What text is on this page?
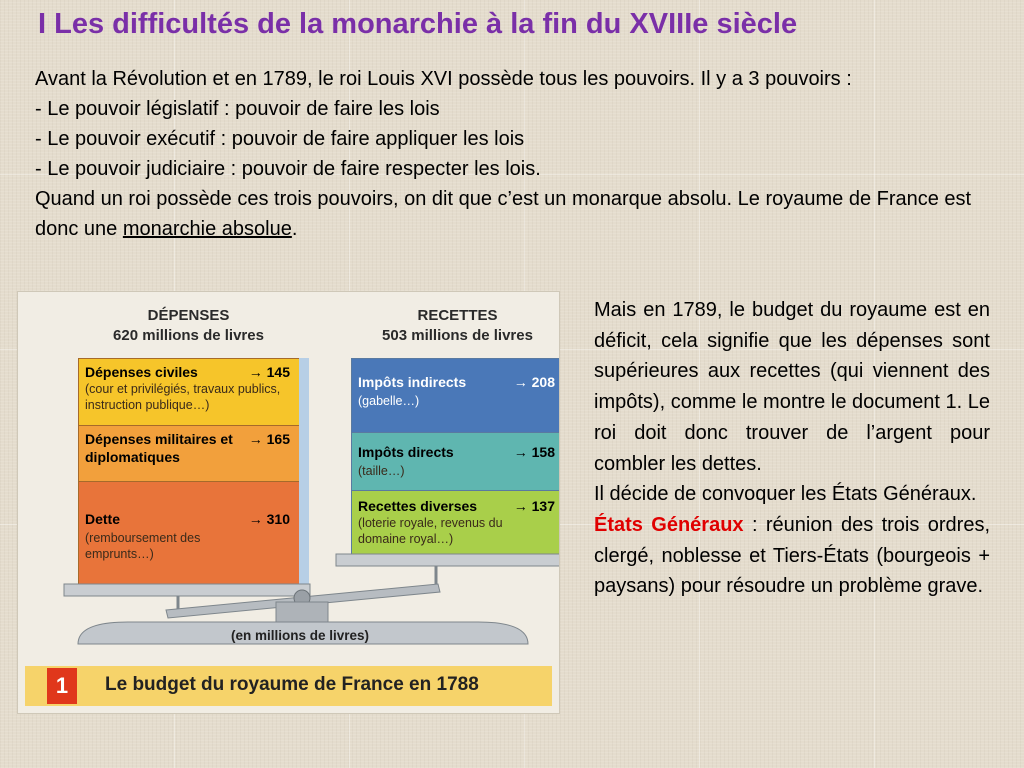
I Les difficultés de la monarchie à la fin du XVIIIe siècle

Avant la Révolution et en 1789, le roi Louis XVI possède tous les pouvoirs. Il y a 3 pouvoirs :

- Le pouvoir législatif : pouvoir de faire les lois

- Le pouvoir exécutif : pouvoir de faire appliquer les lois

- Le pouvoir judiciaire : pouvoir de faire respecter les lois.

Quand un roi possède ces trois pouvoirs, on dit que c’est un monarque absolu. Le royaume de France est donc une monarchie absolue.

DÉPENSES
620 millions de livres
RECETTES
503 millions de livres
Dépenses civiles	→ 145
(cour et privilégiés, travaux publics, instruction publique…)
Dépenses militaires et diplomatiques
→ 165
Dette	→ 310
(remboursement des emprunts…)
Impôts indirects	→ 208
(gabelle…)
Impôts directs	→ 158
(taille…)
Recettes diverses	→ 137
(loterie royale, revenus du domaine royal…)
(en millions de livres)
1	Le budget du royaume de France en 1788

Mais en 1789, le budget du royaume est en déficit, cela signifie que les dépenses sont supérieures aux recettes (qui viennent des impôts), comme le montre le document 1. Le roi doit donc trouver de l’argent pour combler les dettes.

Il décide de convoquer les États Généraux.

États Généraux : réunion des trois ordres, clergé, noblesse et Tiers-États (bourgeois + paysans) pour résoudre un problème grave.
